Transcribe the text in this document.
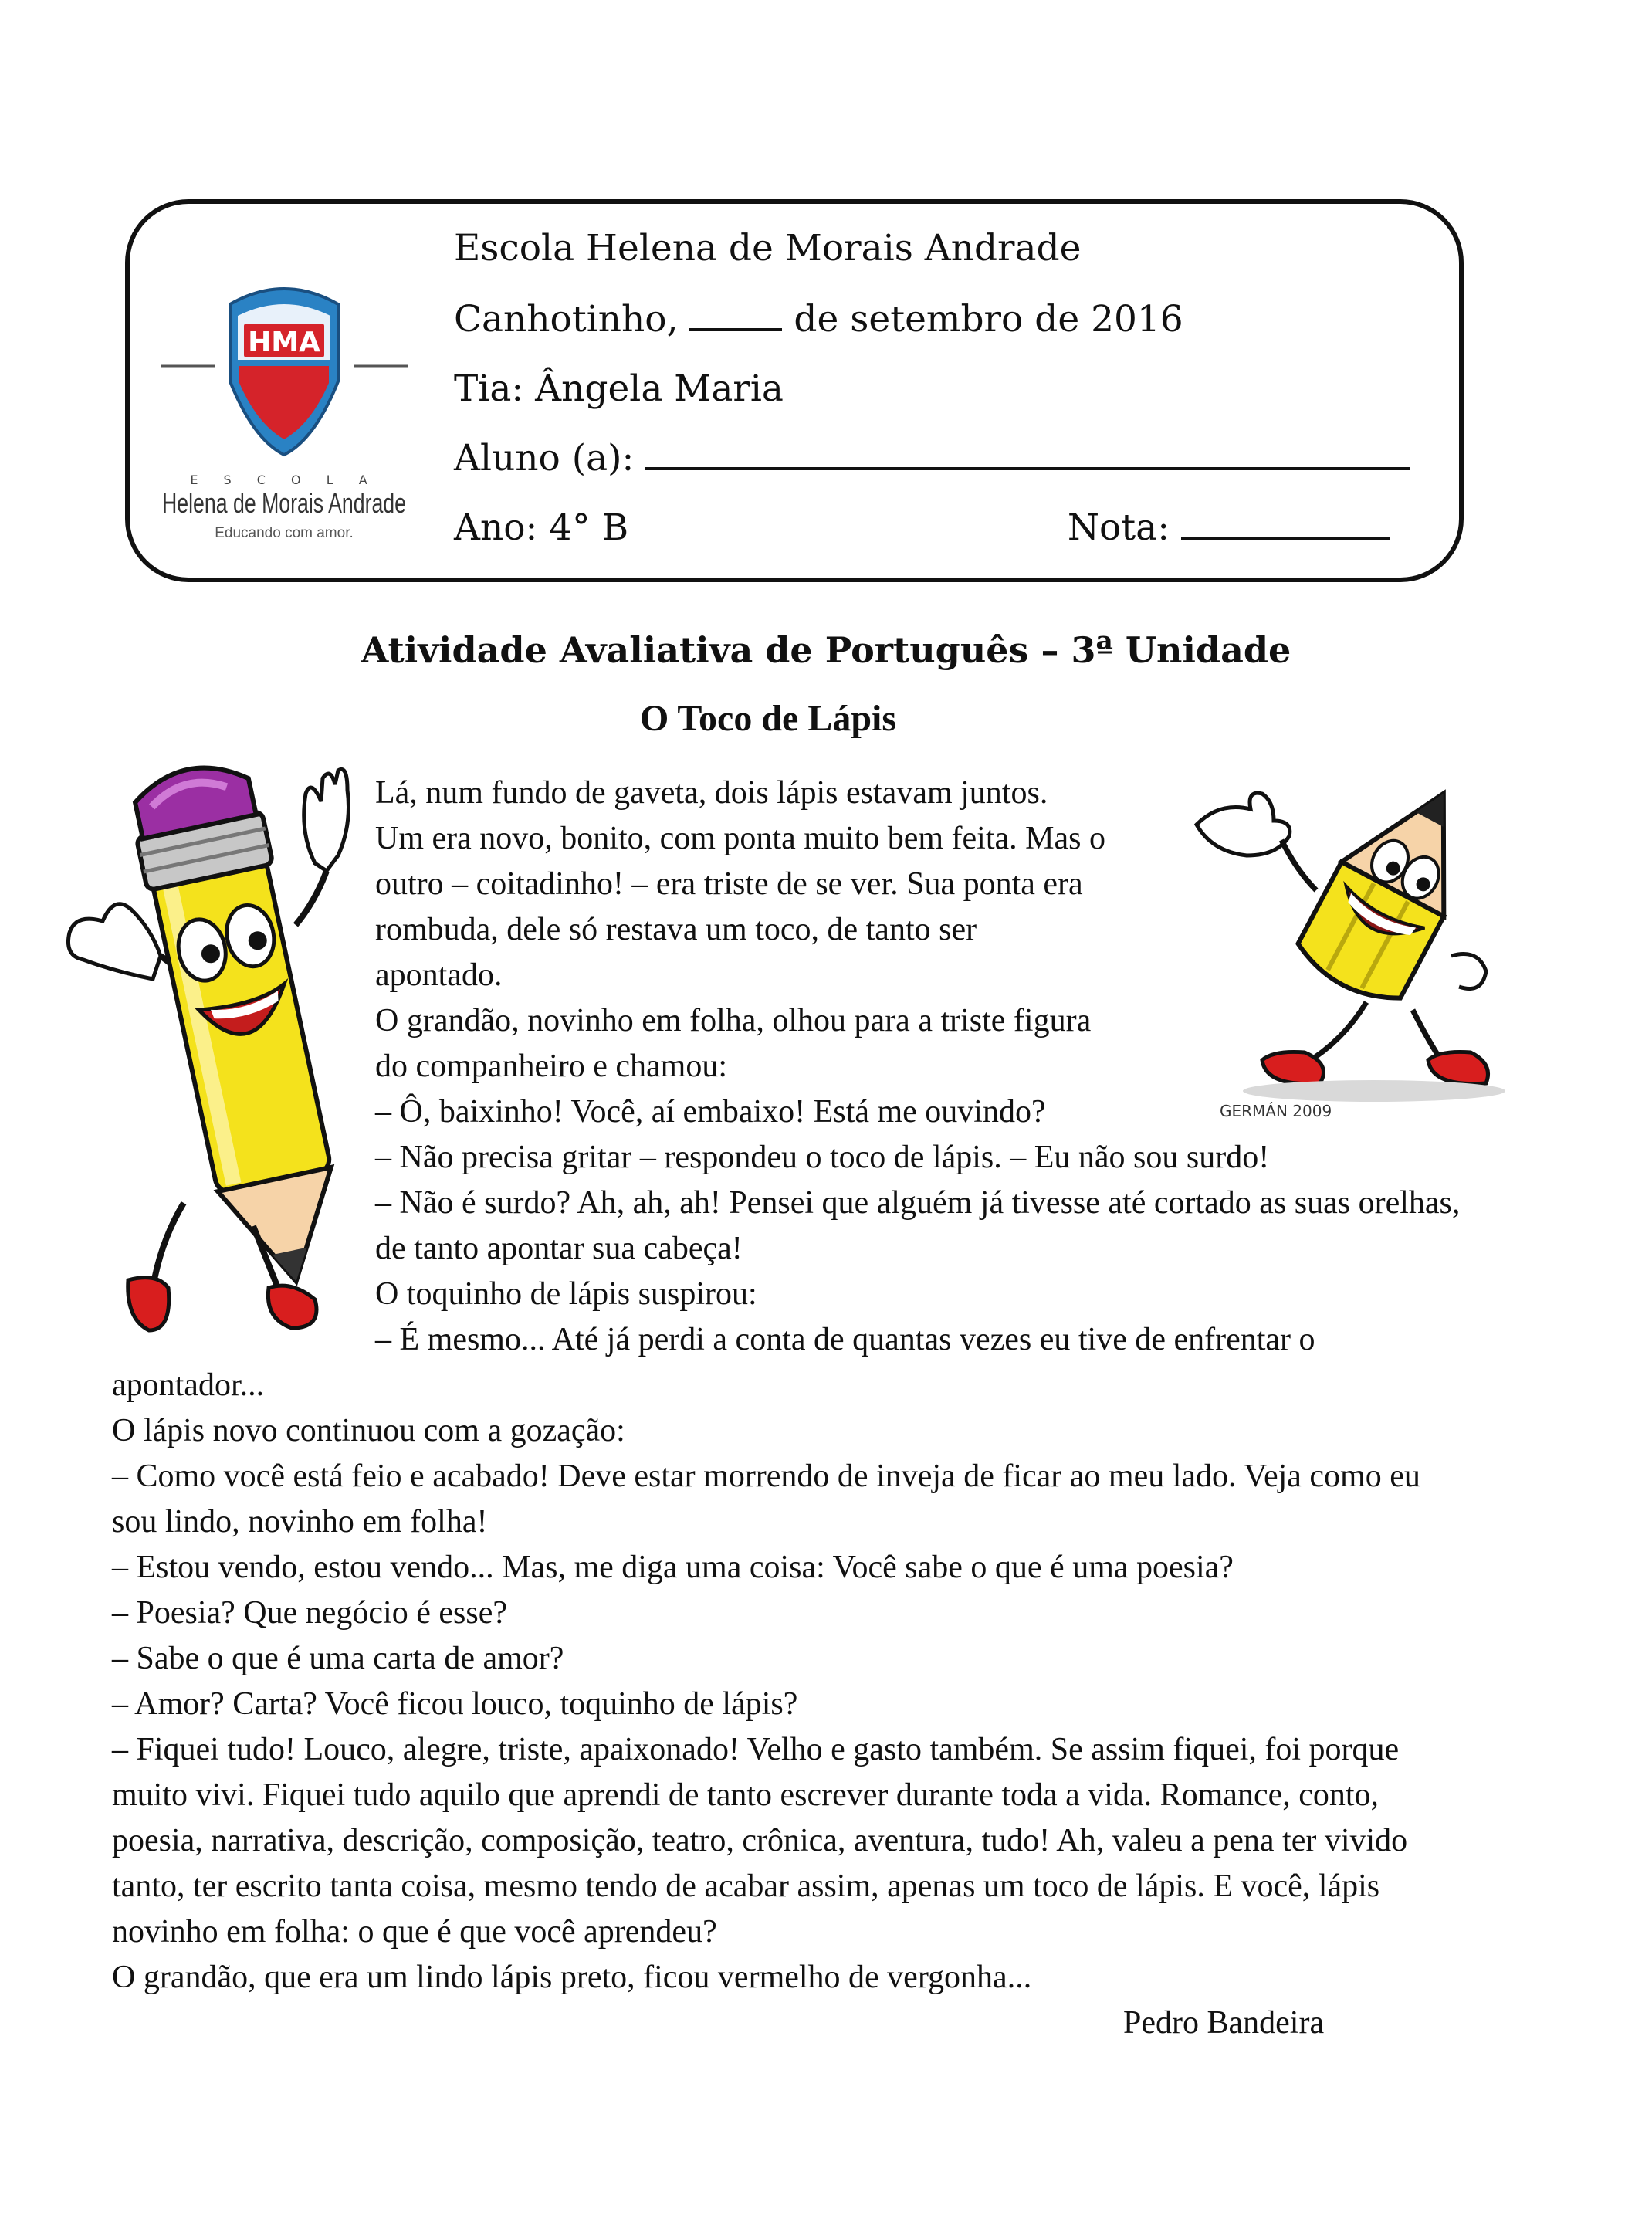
HMA
E S C O L A
Helena de Morais Andrade
Educando com amor.
Escola Helena de Morais Andrade
Canhotinho,	de setembro de 2016
Tia: Ângela Maria
Aluno (a):
Ano: 4° B	Nota:
Atividade Avaliativa de Português – 3ª Unidade
O Toco de Lápis
GERMÁN 2009
Lá, num fundo de gaveta, dois lápis estavam juntos.
Um era novo, bonito, com ponta muito bem feita. Mas o
outro – coitadinho! – era triste de se ver. Sua ponta era
rombuda, dele só restava um toco, de tanto ser
apontado.
O grandão, novinho em folha, olhou para a triste figura
do companheiro e chamou:
– Ô, baixinho! Você, aí embaixo! Está me ouvindo?
– Não precisa gritar – respondeu o toco de lápis. – Eu não sou surdo!
– Não é surdo? Ah, ah, ah! Pensei que alguém já tivesse até cortado as suas orelhas,
de tanto apontar sua cabeça!
O toquinho de lápis suspirou:
– É mesmo... Até já perdi a conta de quantas vezes eu tive de enfrentar o
apontador...
O lápis novo continuou com a gozação:
– Como você está feio e acabado! Deve estar morrendo de inveja de ficar ao meu lado. Veja como eu
sou lindo, novinho em folha!
– Estou vendo, estou vendo... Mas, me diga uma coisa: Você sabe o que é uma poesia?
– Poesia? Que negócio é esse?
– Sabe o que é uma carta de amor?
– Amor? Carta? Você ficou louco, toquinho de lápis?
– Fiquei tudo! Louco, alegre, triste, apaixonado! Velho e gasto também. Se assim fiquei, foi porque
muito vivi. Fiquei tudo aquilo que aprendi de tanto escrever durante toda a vida. Romance, conto,
poesia, narrativa, descrição, composição, teatro, crônica, aventura, tudo! Ah, valeu a pena ter vivido
tanto, ter escrito tanta coisa, mesmo tendo de acabar assim, apenas um toco de lápis. E você, lápis
novinho em folha: o que é que você aprendeu?
O grandão, que era um lindo lápis preto, ficou vermelho de vergonha...
Pedro Bandeira
